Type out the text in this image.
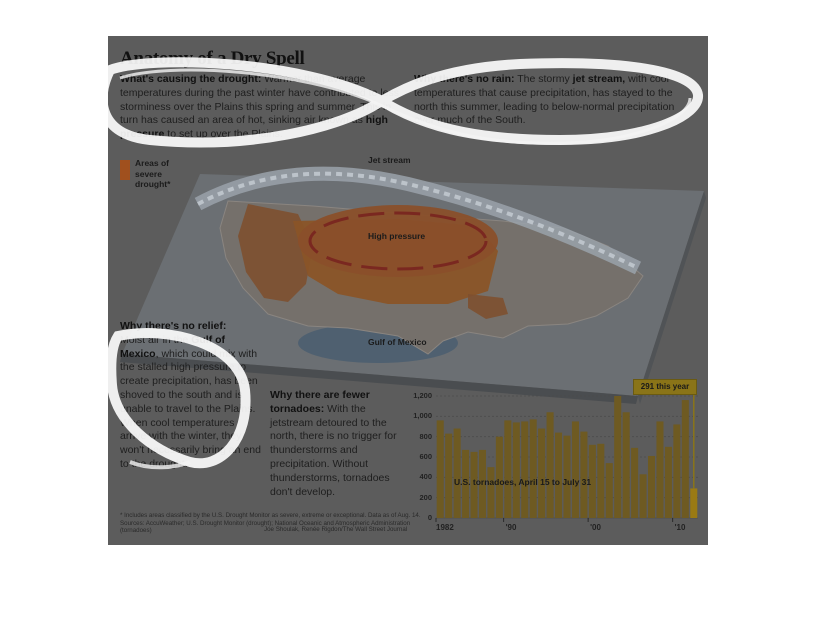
Anatomy of a Dry Spell
What's causing the drought: Warmer than average temperatures during the past winter have contributed to less storminess over the Plains this spring and summer. This in turn has caused an area of hot, sinking air known as high pressure to set up over the Plains.
Why there's no rain: The stormy jet stream, with cool temperatures that cause precipitation, has stayed to the north this summer, leading to below-normal precipitation over much of the South.
Areas of severe drought*
Jet stream
High pressure
Gulf of Mexico
Why there's no relief:
Moist air in the Gulf of Mexico, which could mix with the stalled high pressure to create precipitation, has been shoved to the south and is unable to travel to the Plains.
When cool temperatures arrive with the winter, they won't necessarily bring an end to the drought.
Why there are fewer tornadoes: With the jetstream detoured to the north, there is no trigger for thunderstorms and precipitation. Without thunderstorms, tornadoes don't develop.
0
200
400
600
800
1,000
1,200
291 this year
U.S. tornadoes, April 15 to July 31
1982	'90	'00	'10
* Includes areas classified by the U.S. Drought Monitor as severe, extreme or exceptional. Data as of Aug. 14. Sources: AccuWeather; U.S. Drought Monitor (drought); National Oceanic and Atmospheric Administration (tornadoes)	Joe Shoulak, Renée Rigdon/The Wall Street Journal
